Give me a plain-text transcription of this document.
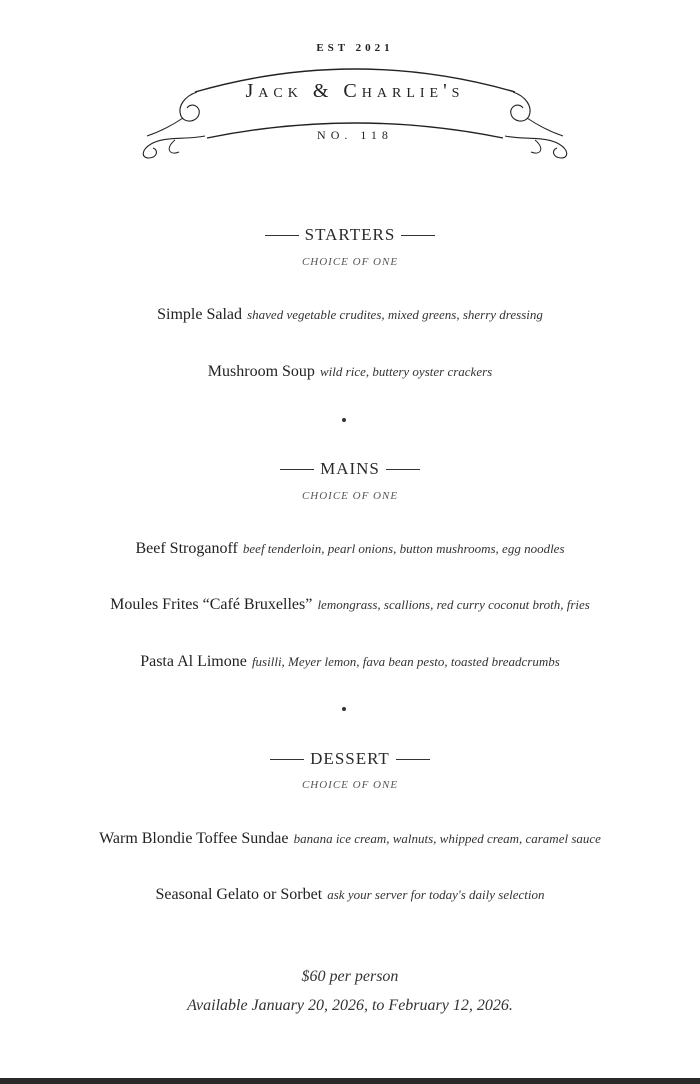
EST 2021
Jack & Charlie's
NO. 118
STARTERS
CHOICE OF ONE
Simple Salad shaved vegetable crudites, mixed greens, sherry dressing
Mushroom Soup wild rice, buttery oyster crackers
MAINS
CHOICE OF ONE
Beef Stroganoff beef tenderloin, pearl onions, button mushrooms, egg noodles
Moules Frites “Café Bruxelles” lemongrass, scallions, red curry coconut broth, fries
Pasta Al Limone fusilli, Meyer lemon, fava bean pesto, toasted breadcrumbs
DESSERT
CHOICE OF ONE
Warm Blondie Toffee Sundae banana ice cream, walnuts, whipped cream, caramel sauce
Seasonal Gelato or Sorbet ask your server for today's daily selection
$60 per person
Available January 20, 2026, to February 12, 2026.
